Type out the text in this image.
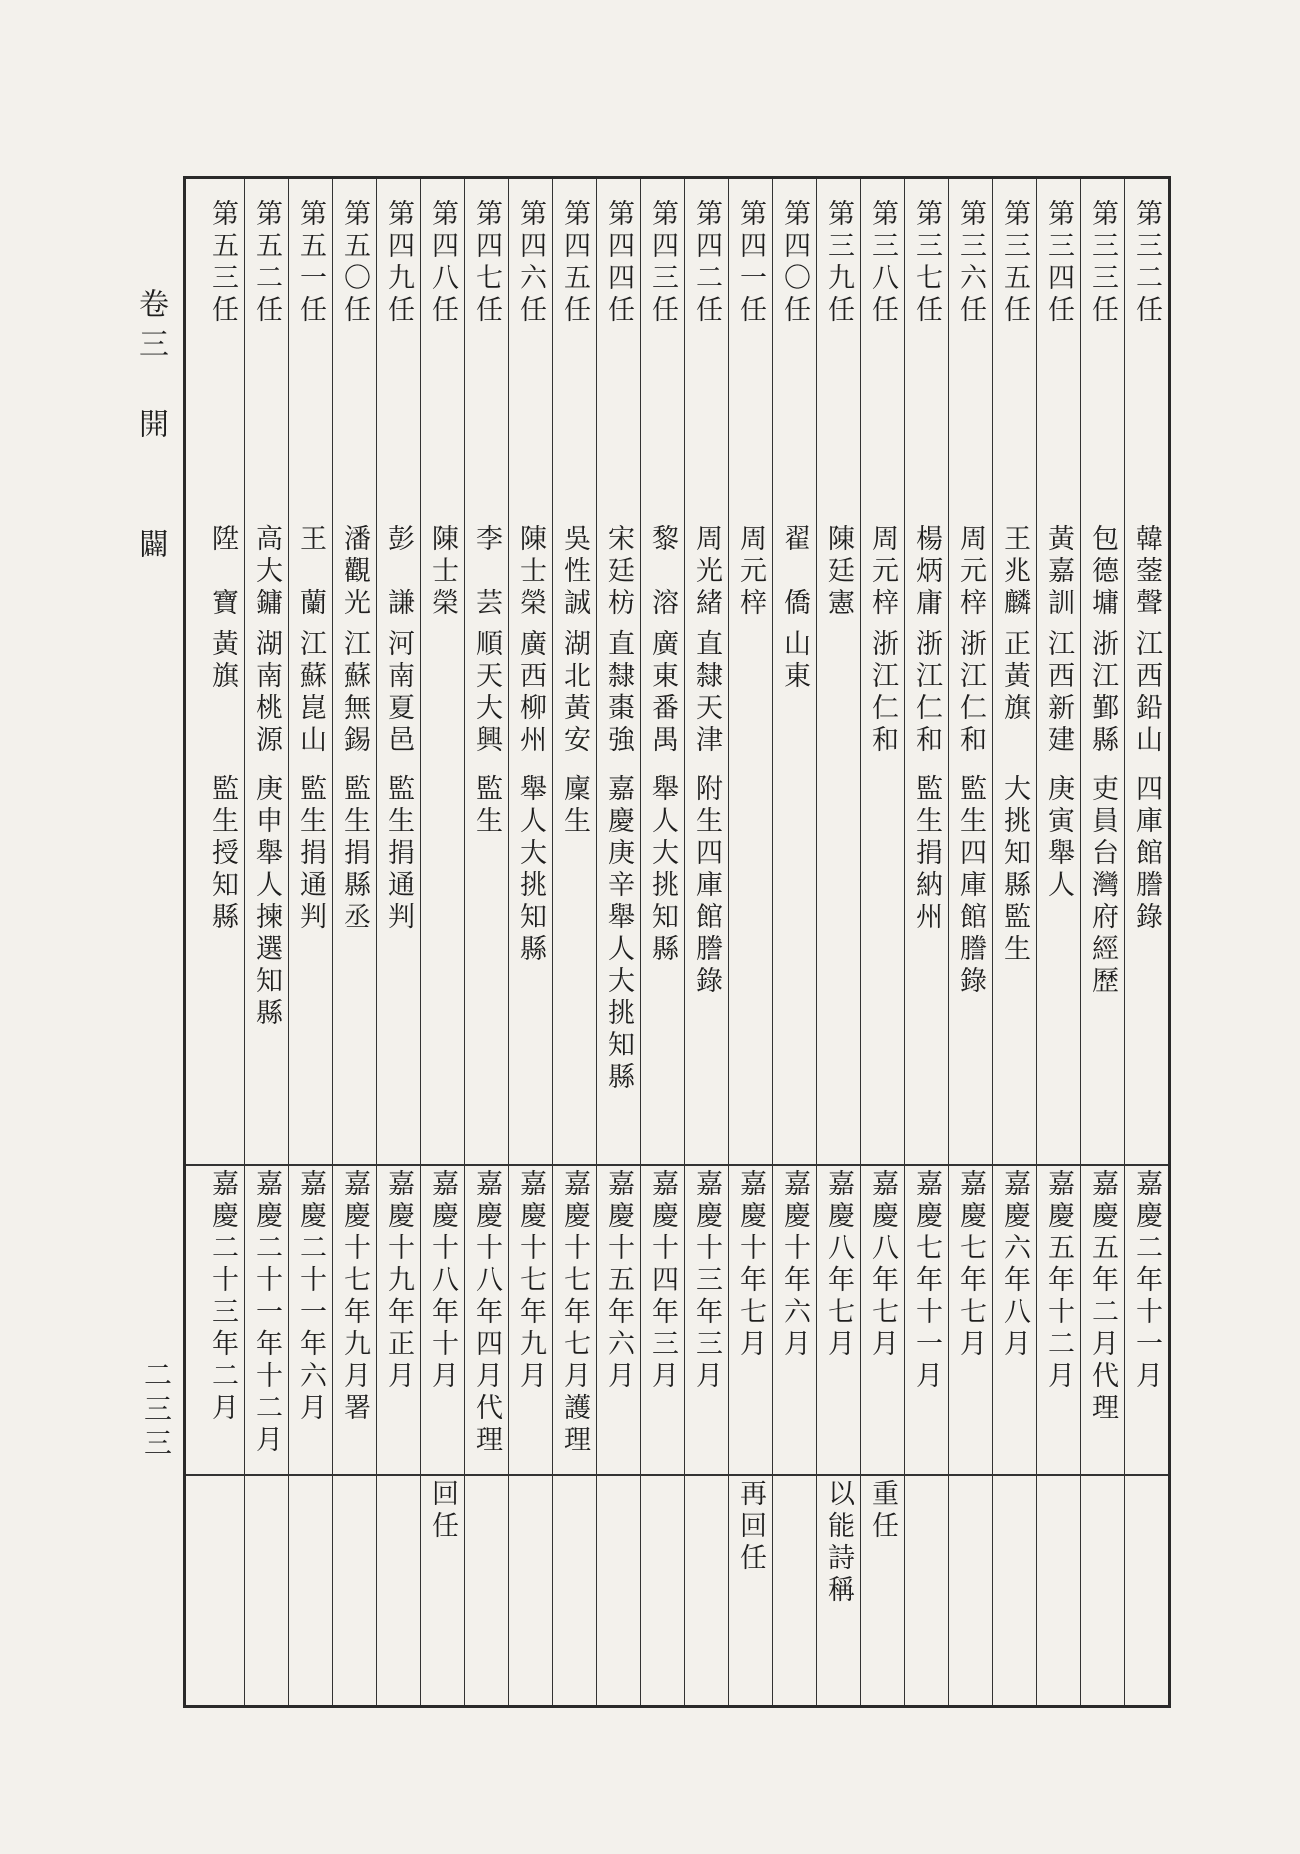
卷三開闢
二三三
第三二任
韓蓥聲
江西鉛山
四庫館謄錄
嘉慶二年十一月
第三三任
包德墉
浙江鄞縣
吏員台灣府經歷
嘉慶五年二月代理
第三四任
黃嘉訓
江西新建
庚寅舉人
嘉慶五年十二月
第三五任
王兆麟
正黃旗
大挑知縣監生
嘉慶六年八月
第三六任
周元梓
浙江仁和
監生四庫館謄錄
嘉慶七年七月
第三七任
楊炳庸
浙江仁和
監生捐納州
嘉慶七年十一月
第三八任
周元梓
浙江仁和
嘉慶八年七月
重任
第三九任
陳廷憲
嘉慶八年七月
以能詩稱
第四〇任
翟　僑
山東
嘉慶十年六月
第四一任
周元梓
嘉慶十年七月
再回任
第四二任
周光緒
直隸天津
附生四庫館謄錄
嘉慶十三年三月
第四三任
黎　溶
廣東番禺
舉人大挑知縣
嘉慶十四年三月
第四四任
宋廷枋
直隸棗強
嘉慶庚辛舉人大挑知縣
嘉慶十五年六月
第四五任
吳性誠
湖北黃安
廩生
嘉慶十七年七月護理
第四六任
陳士榮
廣西柳州
舉人大挑知縣
嘉慶十七年九月
第四七任
李　芸
順天大興
監生
嘉慶十八年四月代理
第四八任
陳士榮
嘉慶十八年十月
回任
第四九任
彭　謙
河南夏邑
監生捐通判
嘉慶十九年正月
第五〇任
潘觀光
江蘇無錫
監生捐縣丞
嘉慶十七年九月署
第五一任
王　蘭
江蘇崑山
監生捐通判
嘉慶二十一年六月
第五二任
高大鏞
湖南桃源
庚申舉人揀選知縣
嘉慶二十一年十二月
第五三任
陞　寶
黃旗
監生授知縣
嘉慶二十三年二月
